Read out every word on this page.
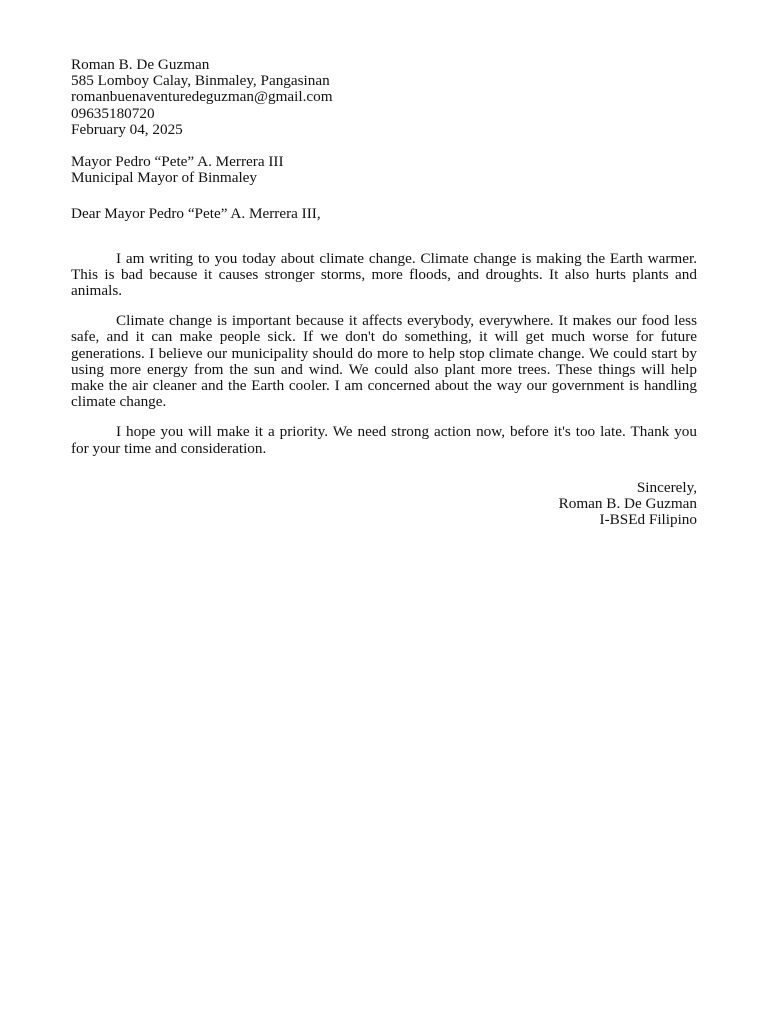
Roman B. De Guzman
585 Lomboy Calay, Binmaley, Pangasinan
romanbuenaventuredeguzman@gmail.com
09635180720
February 04, 2025
Mayor Pedro “Pete” A. Merrera III
Municipal Mayor of Binmaley
Dear Mayor Pedro “Pete” A. Merrera III,

I am writing to you today about climate change. Climate change is making the Earth warmer. This is bad because it causes stronger storms, more floods, and droughts. It also hurts plants and animals.

Climate change is important because it affects everybody, everywhere. It makes our food less safe, and it can make people sick. If we don't do something, it will get much worse for future generations. I believe our municipality should do more to help stop climate change. We could start by using more energy from the sun and wind. We could also plant more trees. These things will help make the air cleaner and the Earth cooler. I am concerned about the way our government is handling climate change.

I hope you will make it a priority. We need strong action now, before it's too late. Thank you for your time and consideration.

Sincerely,
Roman B. De Guzman
I-BSEd Filipino
